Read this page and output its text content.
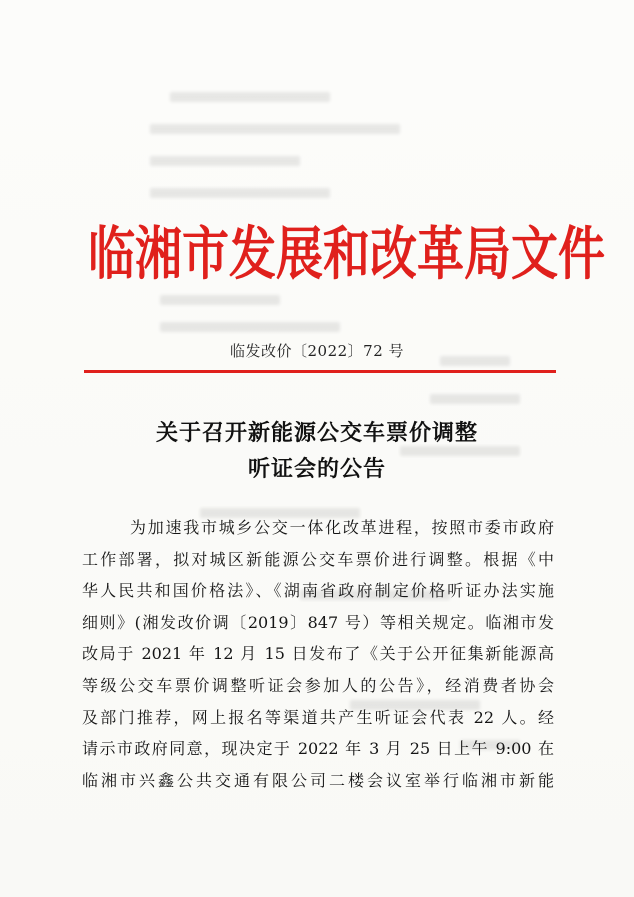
临湘市发展和改革局文件
临发改价〔2022〕72 号
关于召开新能源公交车票价调整
听证会的公告
为加速我市城乡公交一体化改革进程，按照市委市政府
工作部署，拟对城区新能源公交车票价进行调整。根据《中
华人民共和国价格法》、《湖南省政府制定价格听证办法实施
细则》(湘发改价调〔2019〕847 号）等相关规定。临湘市发
改局于 2021 年 12 月 15 日发布了《关于公开征集新能源高
等级公交车票价调整听证会参加人的公告》，经消费者协会
及部门推荐，网上报名等渠道共产生听证会代表 22 人。经
请示市政府同意，现决定于 2022 年 3 月 25 日上午 9:00 在
临湘市兴鑫公共交通有限公司二楼会议室举行临湘市新能
